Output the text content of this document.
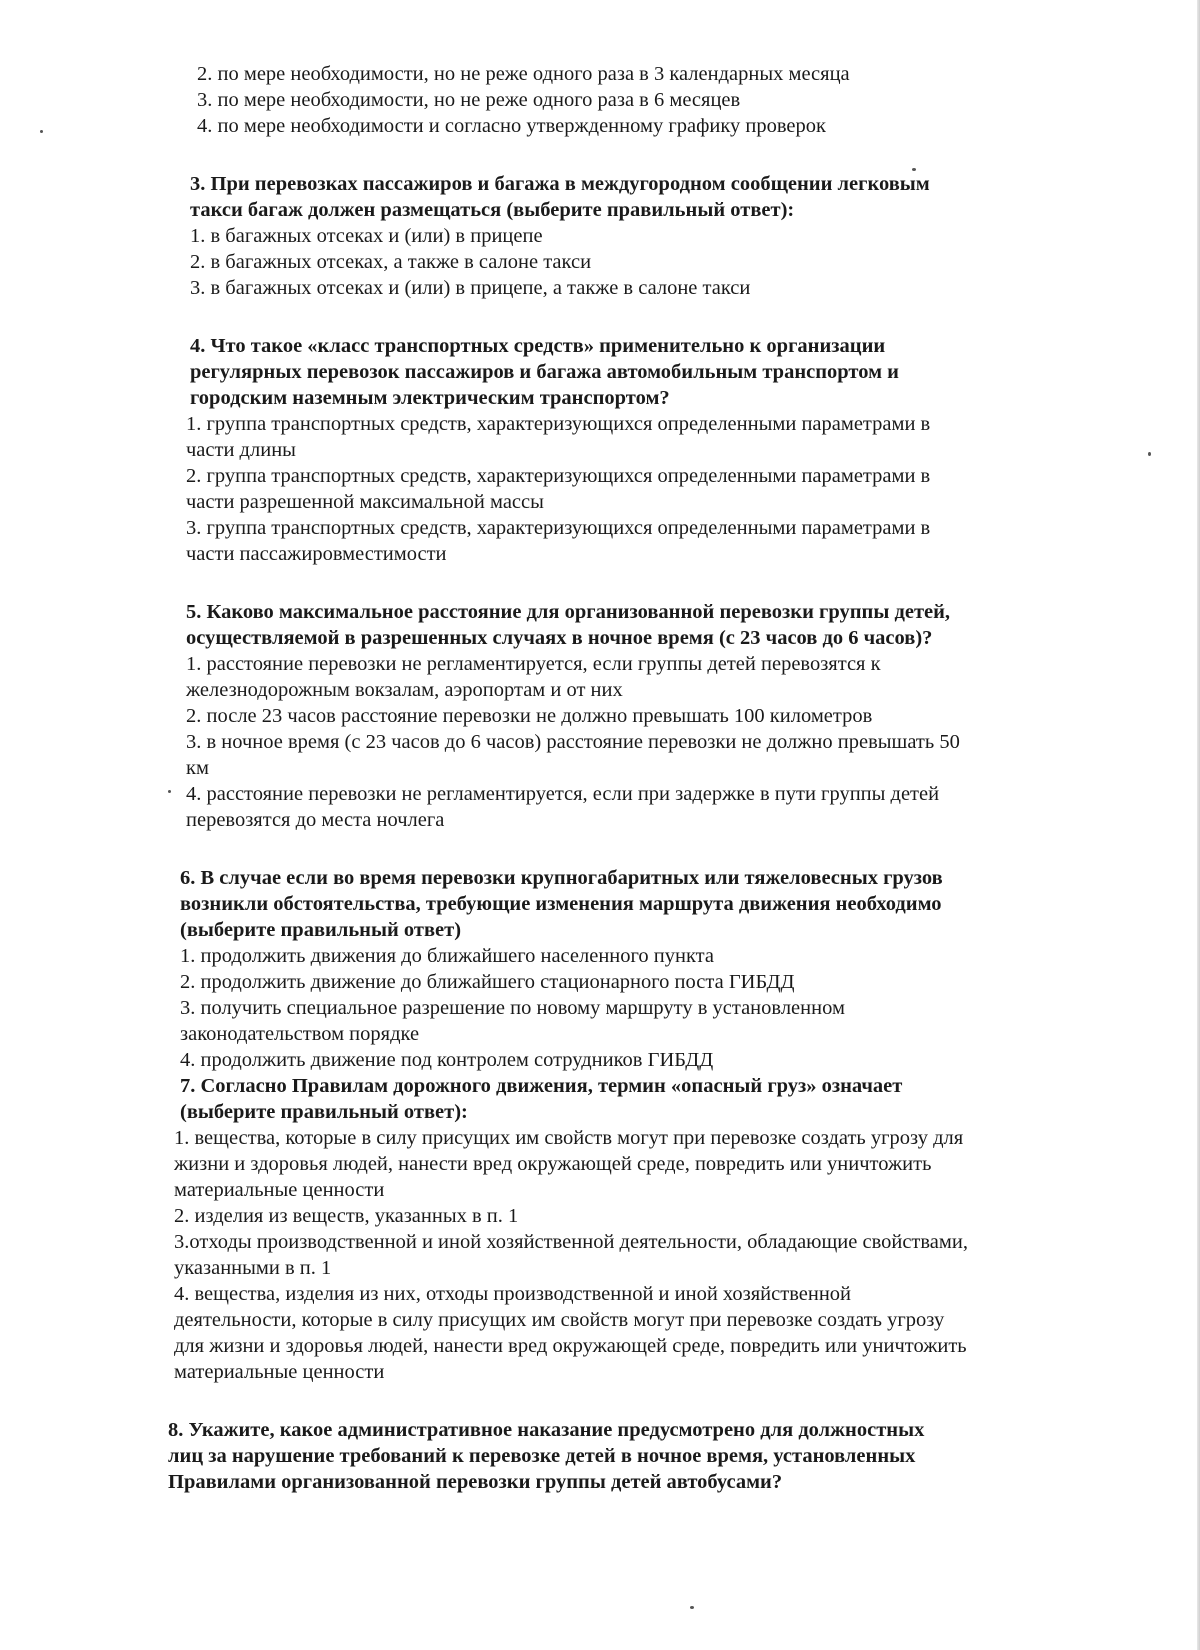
2. по мере необходимости, но не реже одного раза в 3 календарных месяца
3. по мере необходимости, но не реже одного раза в 6 месяцев
4. по мере необходимости и согласно утвержденному графику проверок
3. При перевозках пассажиров и багажа в междугородном сообщении легковым
такси багаж должен размещаться (выберите правильный ответ):
1. в багажных отсеках и (или) в прицепе
2. в багажных отсеках, а также в салоне такси
3. в багажных отсеках и (или) в прицепе, а также в салоне такси
4. Что такое «класс транспортных средств» применительно к организации
регулярных перевозок пассажиров и багажа автомобильным транспортом и
городским наземным электрическим транспортом?
1. группа транспортных средств, характеризующихся определенными параметрами в
части длины
2. группа транспортных средств, характеризующихся определенными параметрами в
части разрешенной максимальной массы
3. группа транспортных средств, характеризующихся определенными параметрами в
части пассажировместимости
5. Каково максимальное расстояние для организованной перевозки группы детей,
осуществляемой в разрешенных случаях в ночное время (с 23 часов до 6 часов)?
1. расстояние перевозки не регламентируется, если группы детей перевозятся к
железнодорожным вокзалам, аэропортам и от них
2. после 23 часов расстояние перевозки не должно превышать 100 километров
3. в ночное время (с 23 часов до 6 часов) расстояние перевозки не должно превышать 50
км
4. расстояние перевозки не регламентируется, если при задержке в пути группы детей
перевозятся до места ночлега
6. В случае если во время перевозки крупногабаритных или тяжеловесных грузов
возникли обстоятельства, требующие изменения маршрута движения необходимо
(выберите правильный ответ)
1. продолжить движения до ближайшего населенного пункта
2. продолжить движение до ближайшего стационарного поста ГИБДД
3. получить специальное разрешение по новому маршруту в установленном
законодательством порядке
4. продолжить движение под контролем сотрудников ГИБДД
7. Согласно Правилам дорожного движения, термин «опасный груз» означает
(выберите правильный ответ):
1. вещества, которые в силу присущих им свойств могут при перевозке создать угрозу для
жизни и здоровья людей, нанести вред окружающей среде, повредить или уничтожить
материальные ценности
2. изделия из веществ, указанных в п. 1
3.отходы производственной и иной хозяйственной деятельности, обладающие свойствами,
указанными в п. 1
4. вещества, изделия из них, отходы производственной и иной хозяйственной
деятельности, которые в силу присущих им свойств могут при перевозке создать угрозу
для жизни и здоровья людей, нанести вред окружающей среде, повредить или уничтожить
материальные ценности
8. Укажите, какое административное наказание предусмотрено для должностных
лиц за нарушение требований к перевозке детей в ночное время, установленных
Правилами организованной перевозки группы детей автобусами?
